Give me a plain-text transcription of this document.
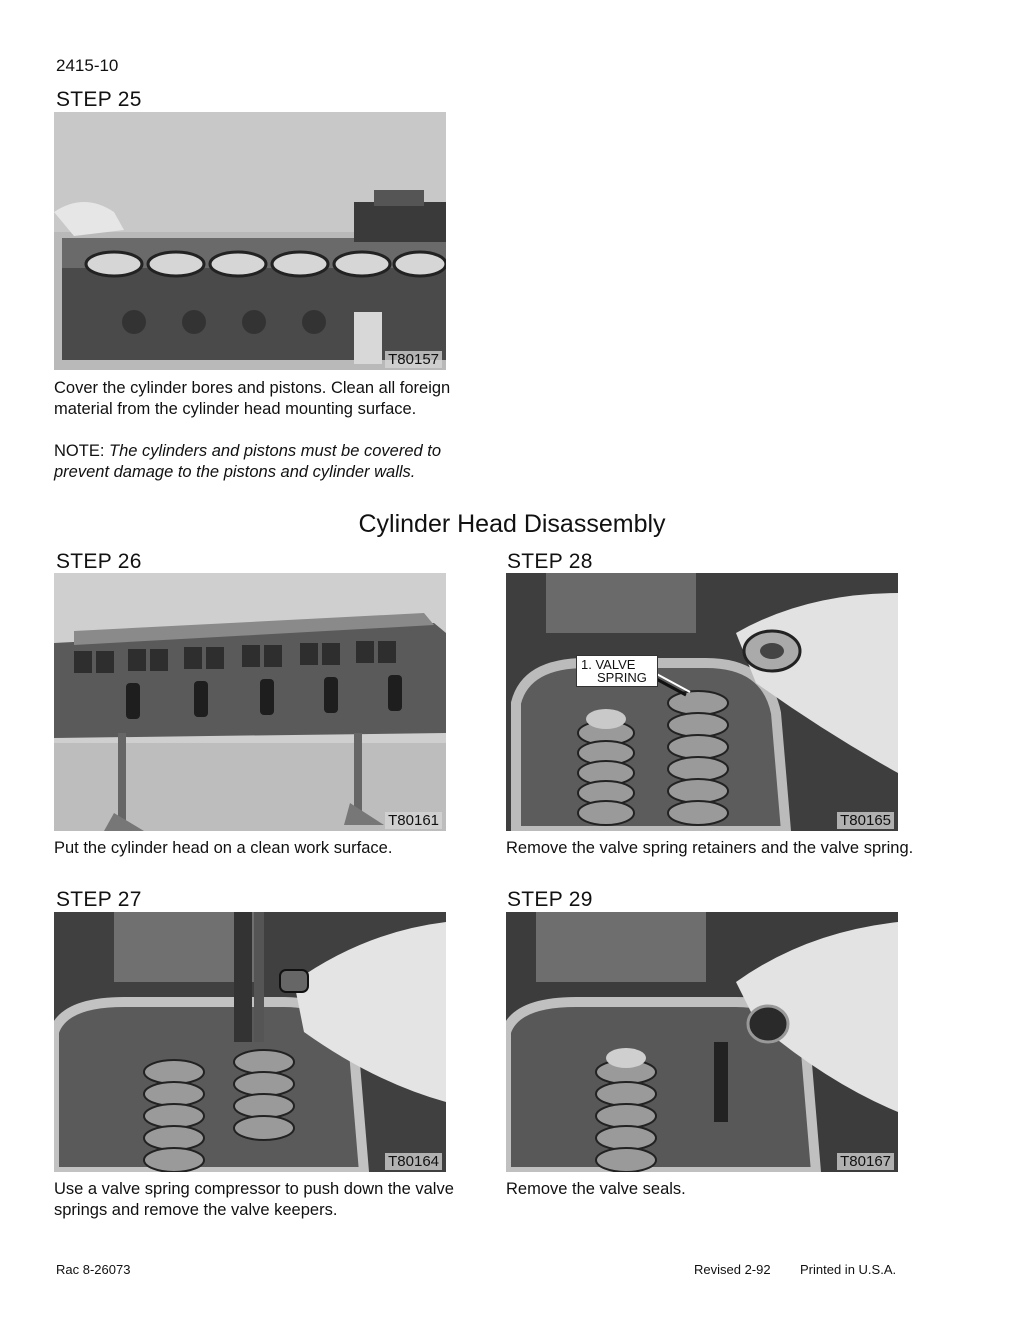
2415-10
STEP 25
T80157
Cover the cylinder bores and pistons. Clean all foreign material from the cylinder head mounting surface.
NOTE: The cylinders and pistons must be covered to prevent damage to the pistons and cylinder walls.
Cylinder Head Disassembly
STEP 26
T80161
Put the cylinder head on a clean work surface.
STEP 28
1. VALVE
SPRING
T80165
Remove the valve spring retainers and the valve spring.
STEP 27
T80164
Use a valve spring compressor to push down the valve springs and remove the valve keepers.
STEP 29
T80167
Remove the valve seals.
Rac 8-26073	Revised 2-92 Printed in U.S.A.
